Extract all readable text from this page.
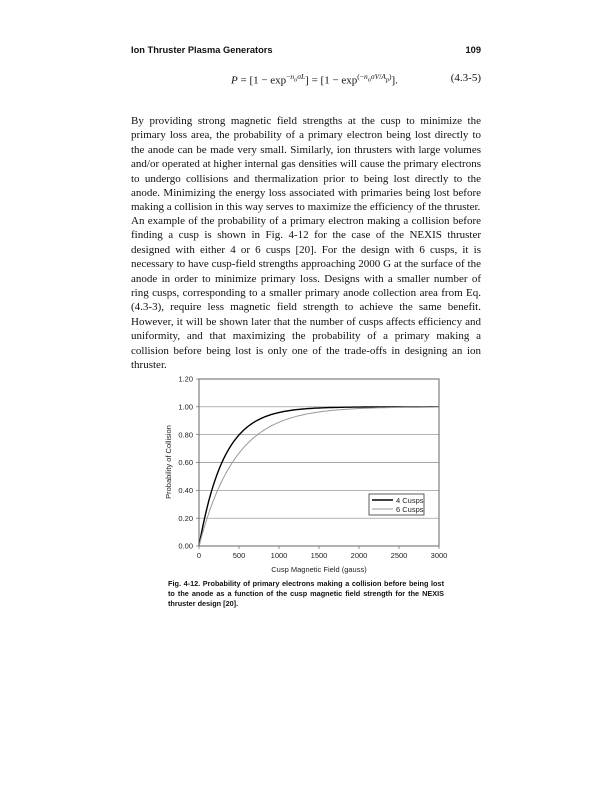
Ion Thruster Plasma Generators	109
$P = [1 - \exp^{-n_o\sigma L}] = [1 - \exp^{(-n_o\sigma V/A_p)}]$.	(4.3-5)

By providing strong magnetic field strengths at the cusp to minimize the primary loss area, the probability of a primary electron being lost directly to the anode can be made very small. Similarly, ion thrusters with large volumes and/or operated at higher internal gas densities will cause the primary electrons to undergo collisions and thermalization prior to being lost directly to the anode. Minimizing the energy loss associated with primaries being lost before making a collision in this way serves to maximize the efficiency of the thruster.

An example of the probability of a primary electron making a collision before finding a cusp is shown in Fig. 4-12 for the case of the NEXIS thruster designed with either 4 or 6 cusps [20]. For the design with 6 cusps, it is necessary to have cusp-field strengths approaching 2000 G at the surface of the anode in order to minimize primary loss. Designs with a smaller number of ring cusps, corresponding to a smaller primary anode collection area from Eq. (4.3-3), require less magnetic field strength to achieve the same benefit. However, it will be shown later that the number of cusps affects efficiency and uniformity, and that maximizing the probability of a primary making a collision before being lost is only one of the trade-offs in designing an ion thruster.

0.00
0.20
0.40
0.60
0.80
1.00
1.20
0	500	1000	1500	2000	2500	3000
Cusp Magnetic Field (gauss)
Probability of Collision
4 Cusps
6 Cusps
Fig. 4-12. Probability of primary electrons making a collision before being lost to the anode as a function of the cusp magnetic field strength for the NEXIS thruster design [20].
